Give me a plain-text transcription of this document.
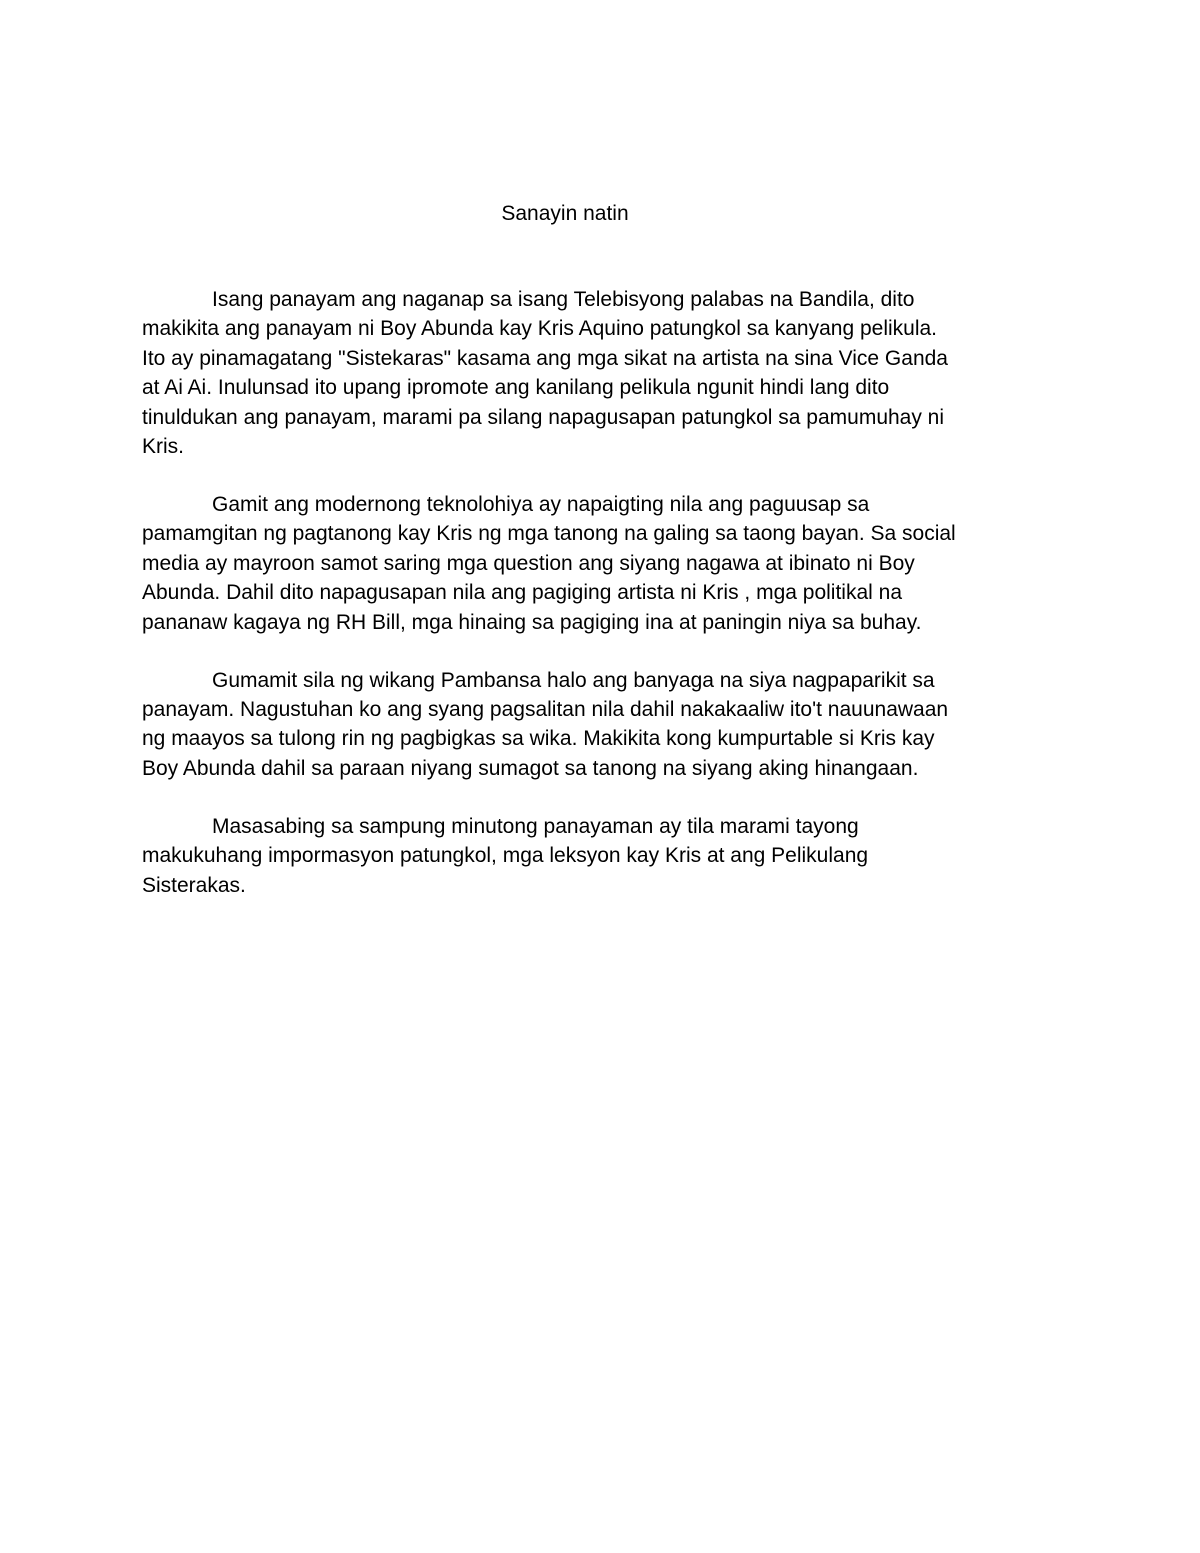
Sanayin natin

Isang panayam ang naganap sa isang Telebisyong palabas na Bandila, dito
makikita ang panayam ni Boy Abunda kay Kris Aquino patungkol sa kanyang pelikula.
Ito ay pinamagatang "Sistekaras" kasama ang mga sikat na artista na sina Vice Ganda
at Ai Ai. Inulunsad ito upang ipromote ang kanilang pelikula ngunit hindi lang dito
tinuldukan ang panayam, marami pa silang napagusapan patungkol sa pamumuhay ni
Kris.

Gamit ang modernong teknolohiya ay napaigting nila ang paguusap sa
pamamgitan ng pagtanong kay Kris ng mga tanong na galing sa taong bayan. Sa social
media ay mayroon samot saring mga question ang siyang nagawa at ibinato ni Boy
Abunda. Dahil dito napagusapan nila ang pagiging artista ni Kris , mga politikal na
pananaw kagaya ng RH Bill, mga hinaing sa pagiging ina at paningin niya sa buhay.

Gumamit sila ng wikang Pambansa halo ang banyaga na siya nagpaparikit sa
panayam. Nagustuhan ko ang syang pagsalitan nila dahil nakakaaliw ito't nauunawaan
ng maayos sa tulong rin ng pagbigkas sa wika. Makikita kong kumpurtable si Kris kay
Boy Abunda dahil sa paraan niyang sumagot sa tanong na siyang aking hinangaan.

Masasabing sa sampung minutong panayaman ay tila marami tayong
makukuhang impormasyon patungkol, mga leksyon kay Kris at ang Pelikulang
Sisterakas.
